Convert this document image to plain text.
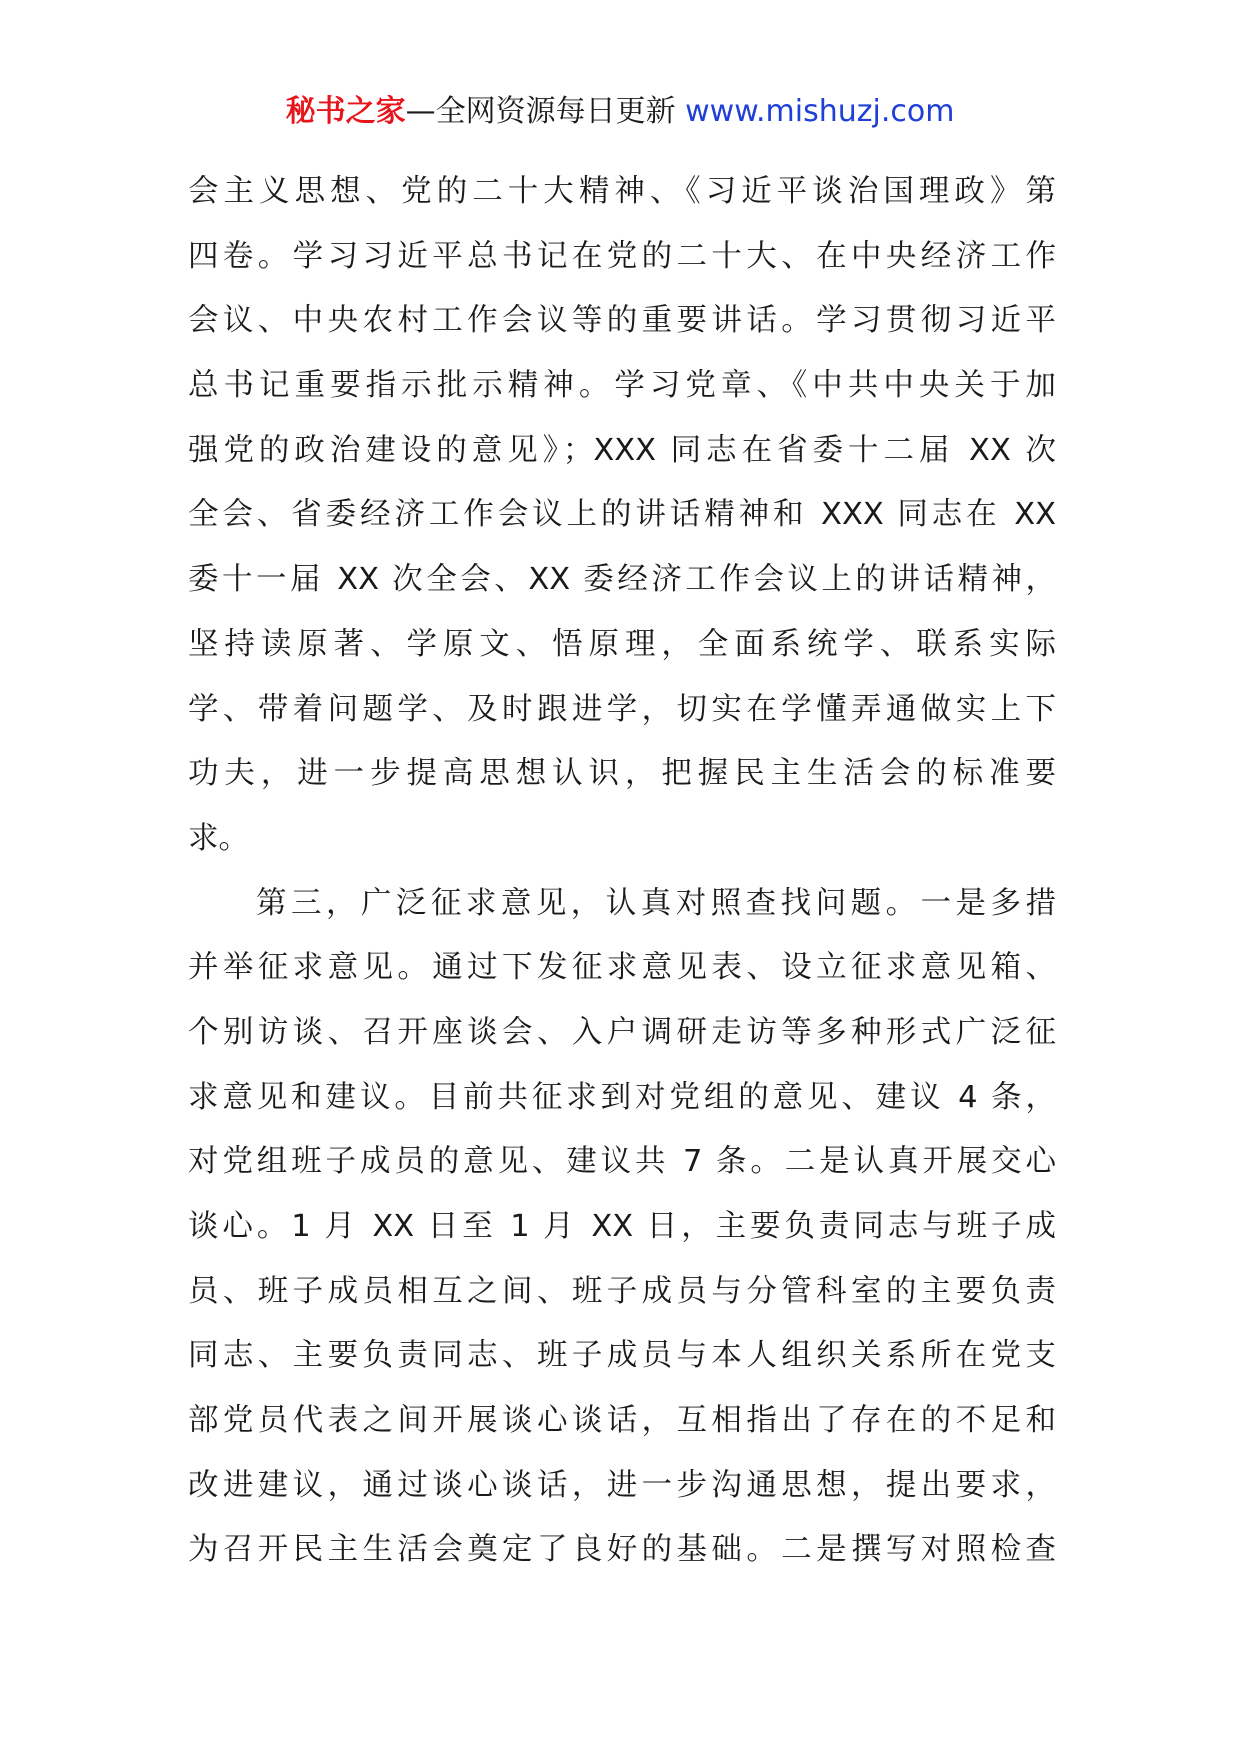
秘书之家—全网资源每日更新 www.mishuzj.com
会主义思想、党的二十大精神、《习近平谈治国理政》第
四卷。学习习近平总书记在党的二十大、在中央经济工作
会议、中央农村工作会议等的重要讲话。学习贯彻习近平
总书记重要指示批示精神。学习党章、《中共中央关于加
强党的政治建设的意见》；XXX 同志在省委十二届 XX 次
全会、省委经济工作会议上的讲话精神和 XXX 同志在 XX
委十一届 XX 次全会、XX 委经济工作会议上的讲话精神，
坚持读原著、学原文、悟原理，全面系统学、联系实际
学、带着问题学、及时跟进学，切实在学懂弄通做实上下
功夫，进一步提高思想认识，把握民主生活会的标准要
求。
第三，广泛征求意见，认真对照查找问题。一是多措
并举征求意见。通过下发征求意见表、设立征求意见箱、
个别访谈、召开座谈会、入户调研走访等多种形式广泛征
求意见和建议。目前共征求到对党组的意见、建议 4 条，
对党组班子成员的意见、建议共 7 条。二是认真开展交心
谈心。1 月 XX 日至 1 月 XX 日，主要负责同志与班子成
员、班子成员相互之间、班子成员与分管科室的主要负责
同志、主要负责同志、班子成员与本人组织关系所在党支
部党员代表之间开展谈心谈话，互相指出了存在的不足和
改进建议，通过谈心谈话，进一步沟通思想，提出要求，
为召开民主生活会奠定了良好的基础。二是撰写对照检查
